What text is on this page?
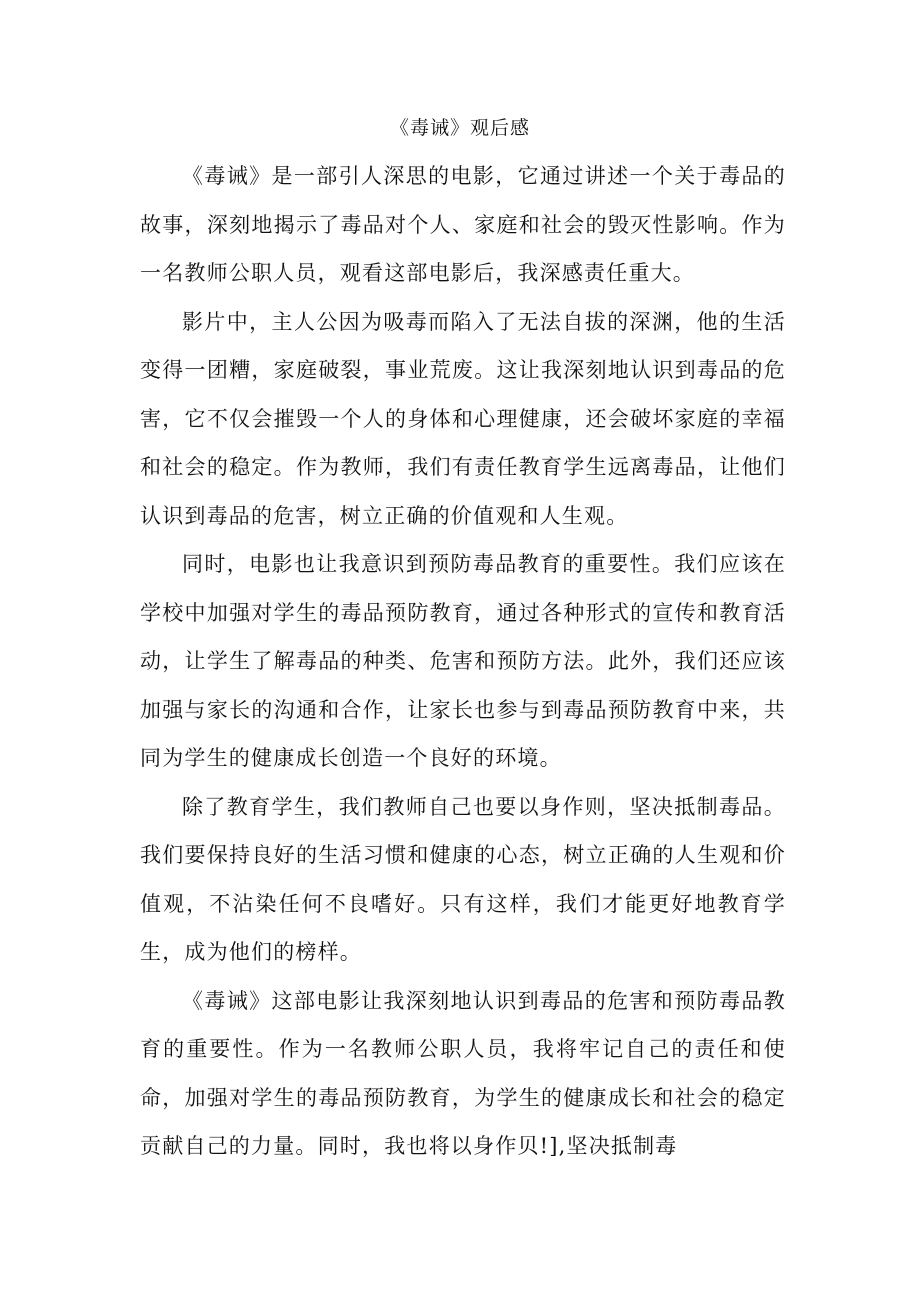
《毒诫》观后感

《毒诫》是一部引人深思的电影，它通过讲述一个关于毒品的故事，深刻地揭示了毒品对个人、家庭和社会的毁灭性影响。作为一名教师公职人员，观看这部电影后，我深感责任重大。

影片中，主人公因为吸毒而陷入了无法自拔的深渊，他的生活变得一团糟，家庭破裂，事业荒废。这让我深刻地认识到毒品的危害，它不仅会摧毁一个人的身体和心理健康，还会破坏家庭的幸福和社会的稳定。作为教师，我们有责任教育学生远离毒品，让他们认识到毒品的危害，树立正确的价值观和人生观。

同时，电影也让我意识到预防毒品教育的重要性。我们应该在学校中加强对学生的毒品预防教育，通过各种形式的宣传和教育活动，让学生了解毒品的种类、危害和预防方法。此外，我们还应该加强与家长的沟通和合作，让家长也参与到毒品预防教育中来，共同为学生的健康成长创造一个良好的环境。

除了教育学生，我们教师自己也要以身作则，坚决抵制毒品。我们要保持良好的生活习惯和健康的心态，树立正确的人生观和价值观，不沾染任何不良嗜好。只有这样，我们才能更好地教育学生，成为他们的榜样。

《毒诫》这部电影让我深刻地认识到毒品的危害和预防毒品教育的重要性。作为一名教师公职人员，我将牢记自己的责任和使命，加强对学生的毒品预防教育，为学生的健康成长和社会的稳定贡献自己的力量。同时，我也将以身作贝!],坚决抵制毒
